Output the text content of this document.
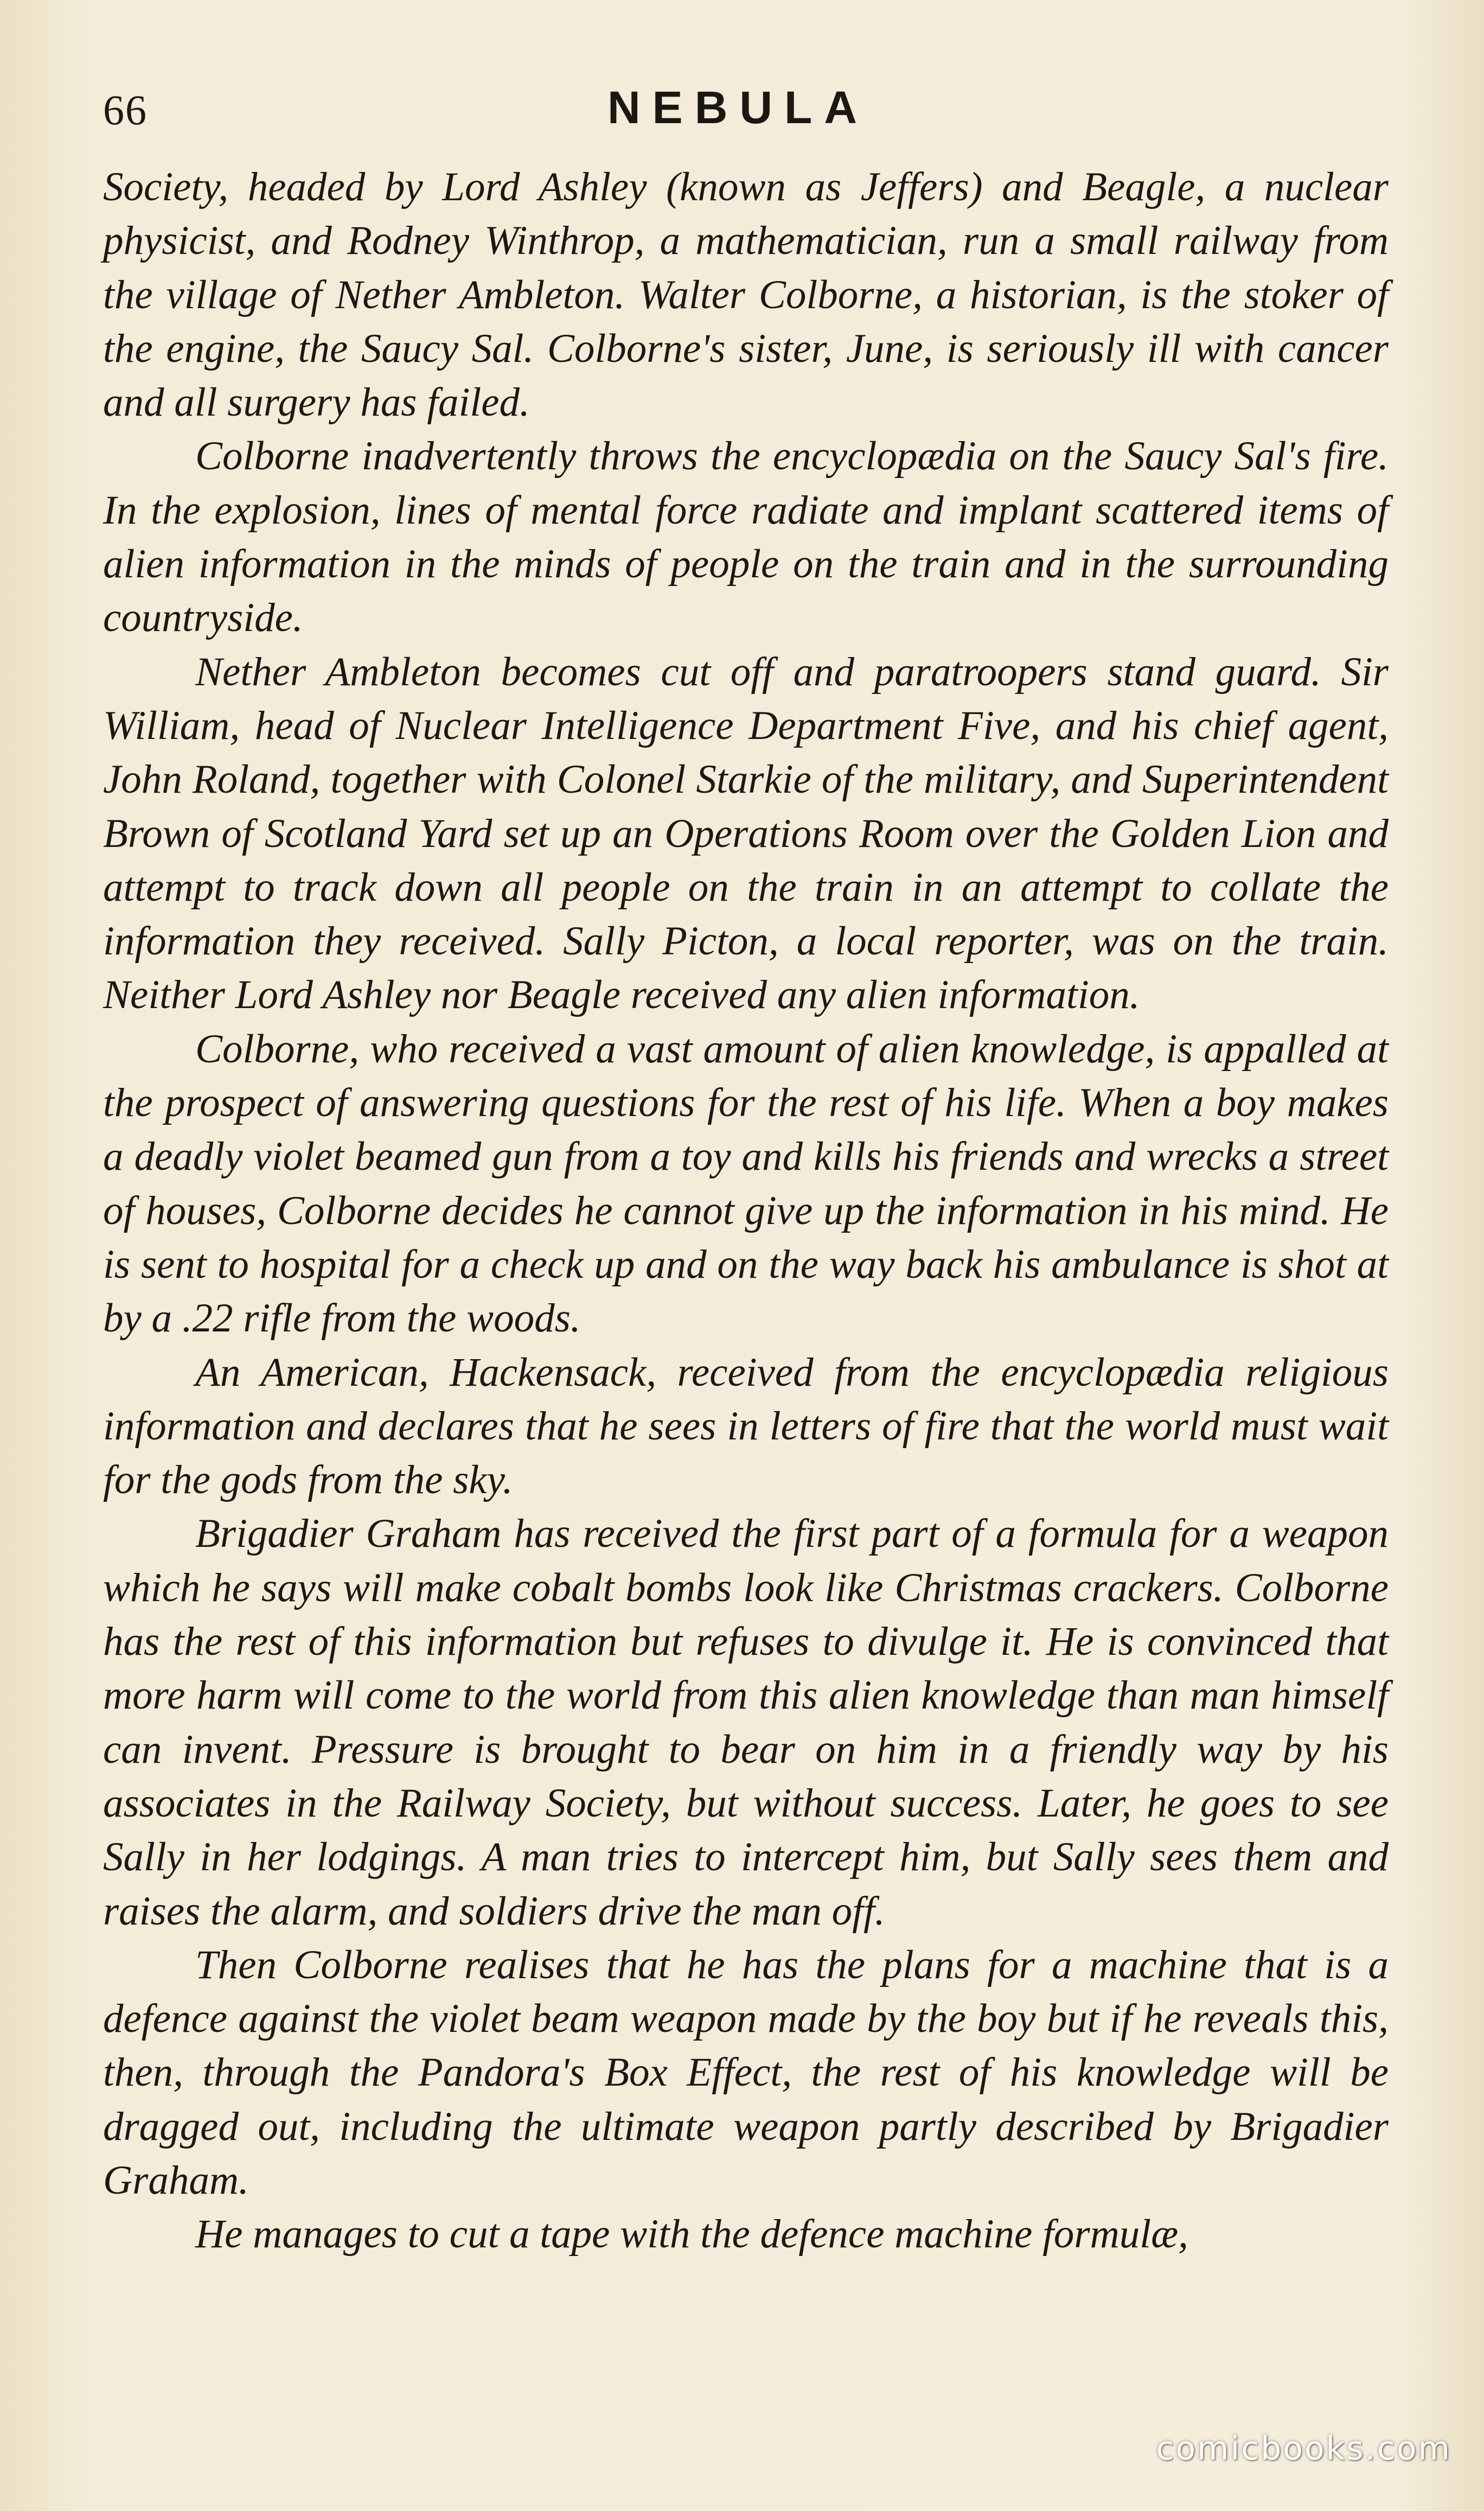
66	NEBULA

Society, headed by Lord Ashley (known as Jeffers) and Beagle, a nuclear physicist, and Rodney Winthrop, a mathematician, run a small railway from the village of Nether Ambleton. Walter Colborne, a historian, is the stoker of the engine, the Saucy Sal. Colborne's sister, June, is seriously ill with cancer and all surgery has failed.

Colborne inadvertently throws the encyclopædia on the Saucy Sal's fire. In the explosion, lines of mental force radiate and implant scattered items of alien information in the minds of people on the train and in the surrounding countryside.

Nether Ambleton becomes cut off and paratroopers stand guard. Sir William, head of Nuclear Intelligence Department Five, and his chief agent, John Roland, together with Colonel Starkie of the military, and Superintendent Brown of Scotland Yard set up an Operations Room over the Golden Lion and attempt to track down all people on the train in an attempt to collate the information they received. Sally Picton, a local reporter, was on the train. Neither Lord Ashley nor Beagle received any alien information.

Colborne, who received a vast amount of alien knowledge, is appalled at the prospect of answering questions for the rest of his life. When a boy makes a deadly violet beamed gun from a toy and kills his friends and wrecks a street of houses, Colborne decides he cannot give up the information in his mind. He is sent to hospital for a check up and on the way back his ambulance is shot at by a .22 rifle from the woods.

An American, Hackensack, received from the encyclopædia religious information and declares that he sees in letters of fire that the world must wait for the gods from the sky.

Brigadier Graham has received the first part of a formula for a weapon which he says will make cobalt bombs look like Christmas crackers. Colborne has the rest of this information but refuses to divulge it. He is convinced that more harm will come to the world from this alien knowledge than man himself can invent. Pressure is brought to bear on him in a friendly way by his associates in the Railway Society, but without success. Later, he goes to see Sally in her lodgings. A man tries to intercept him, but Sally sees them and raises the alarm, and soldiers drive the man off.

Then Colborne realises that he has the plans for a machine that is a defence against the violet beam weapon made by the boy but if he reveals this, then, through the Pandora's Box Effect, the rest of his knowledge will be dragged out, including the ultimate weapon partly described by Brigadier Graham.

He manages to cut a tape with the defence machine formulæ,

comicbooks.com
